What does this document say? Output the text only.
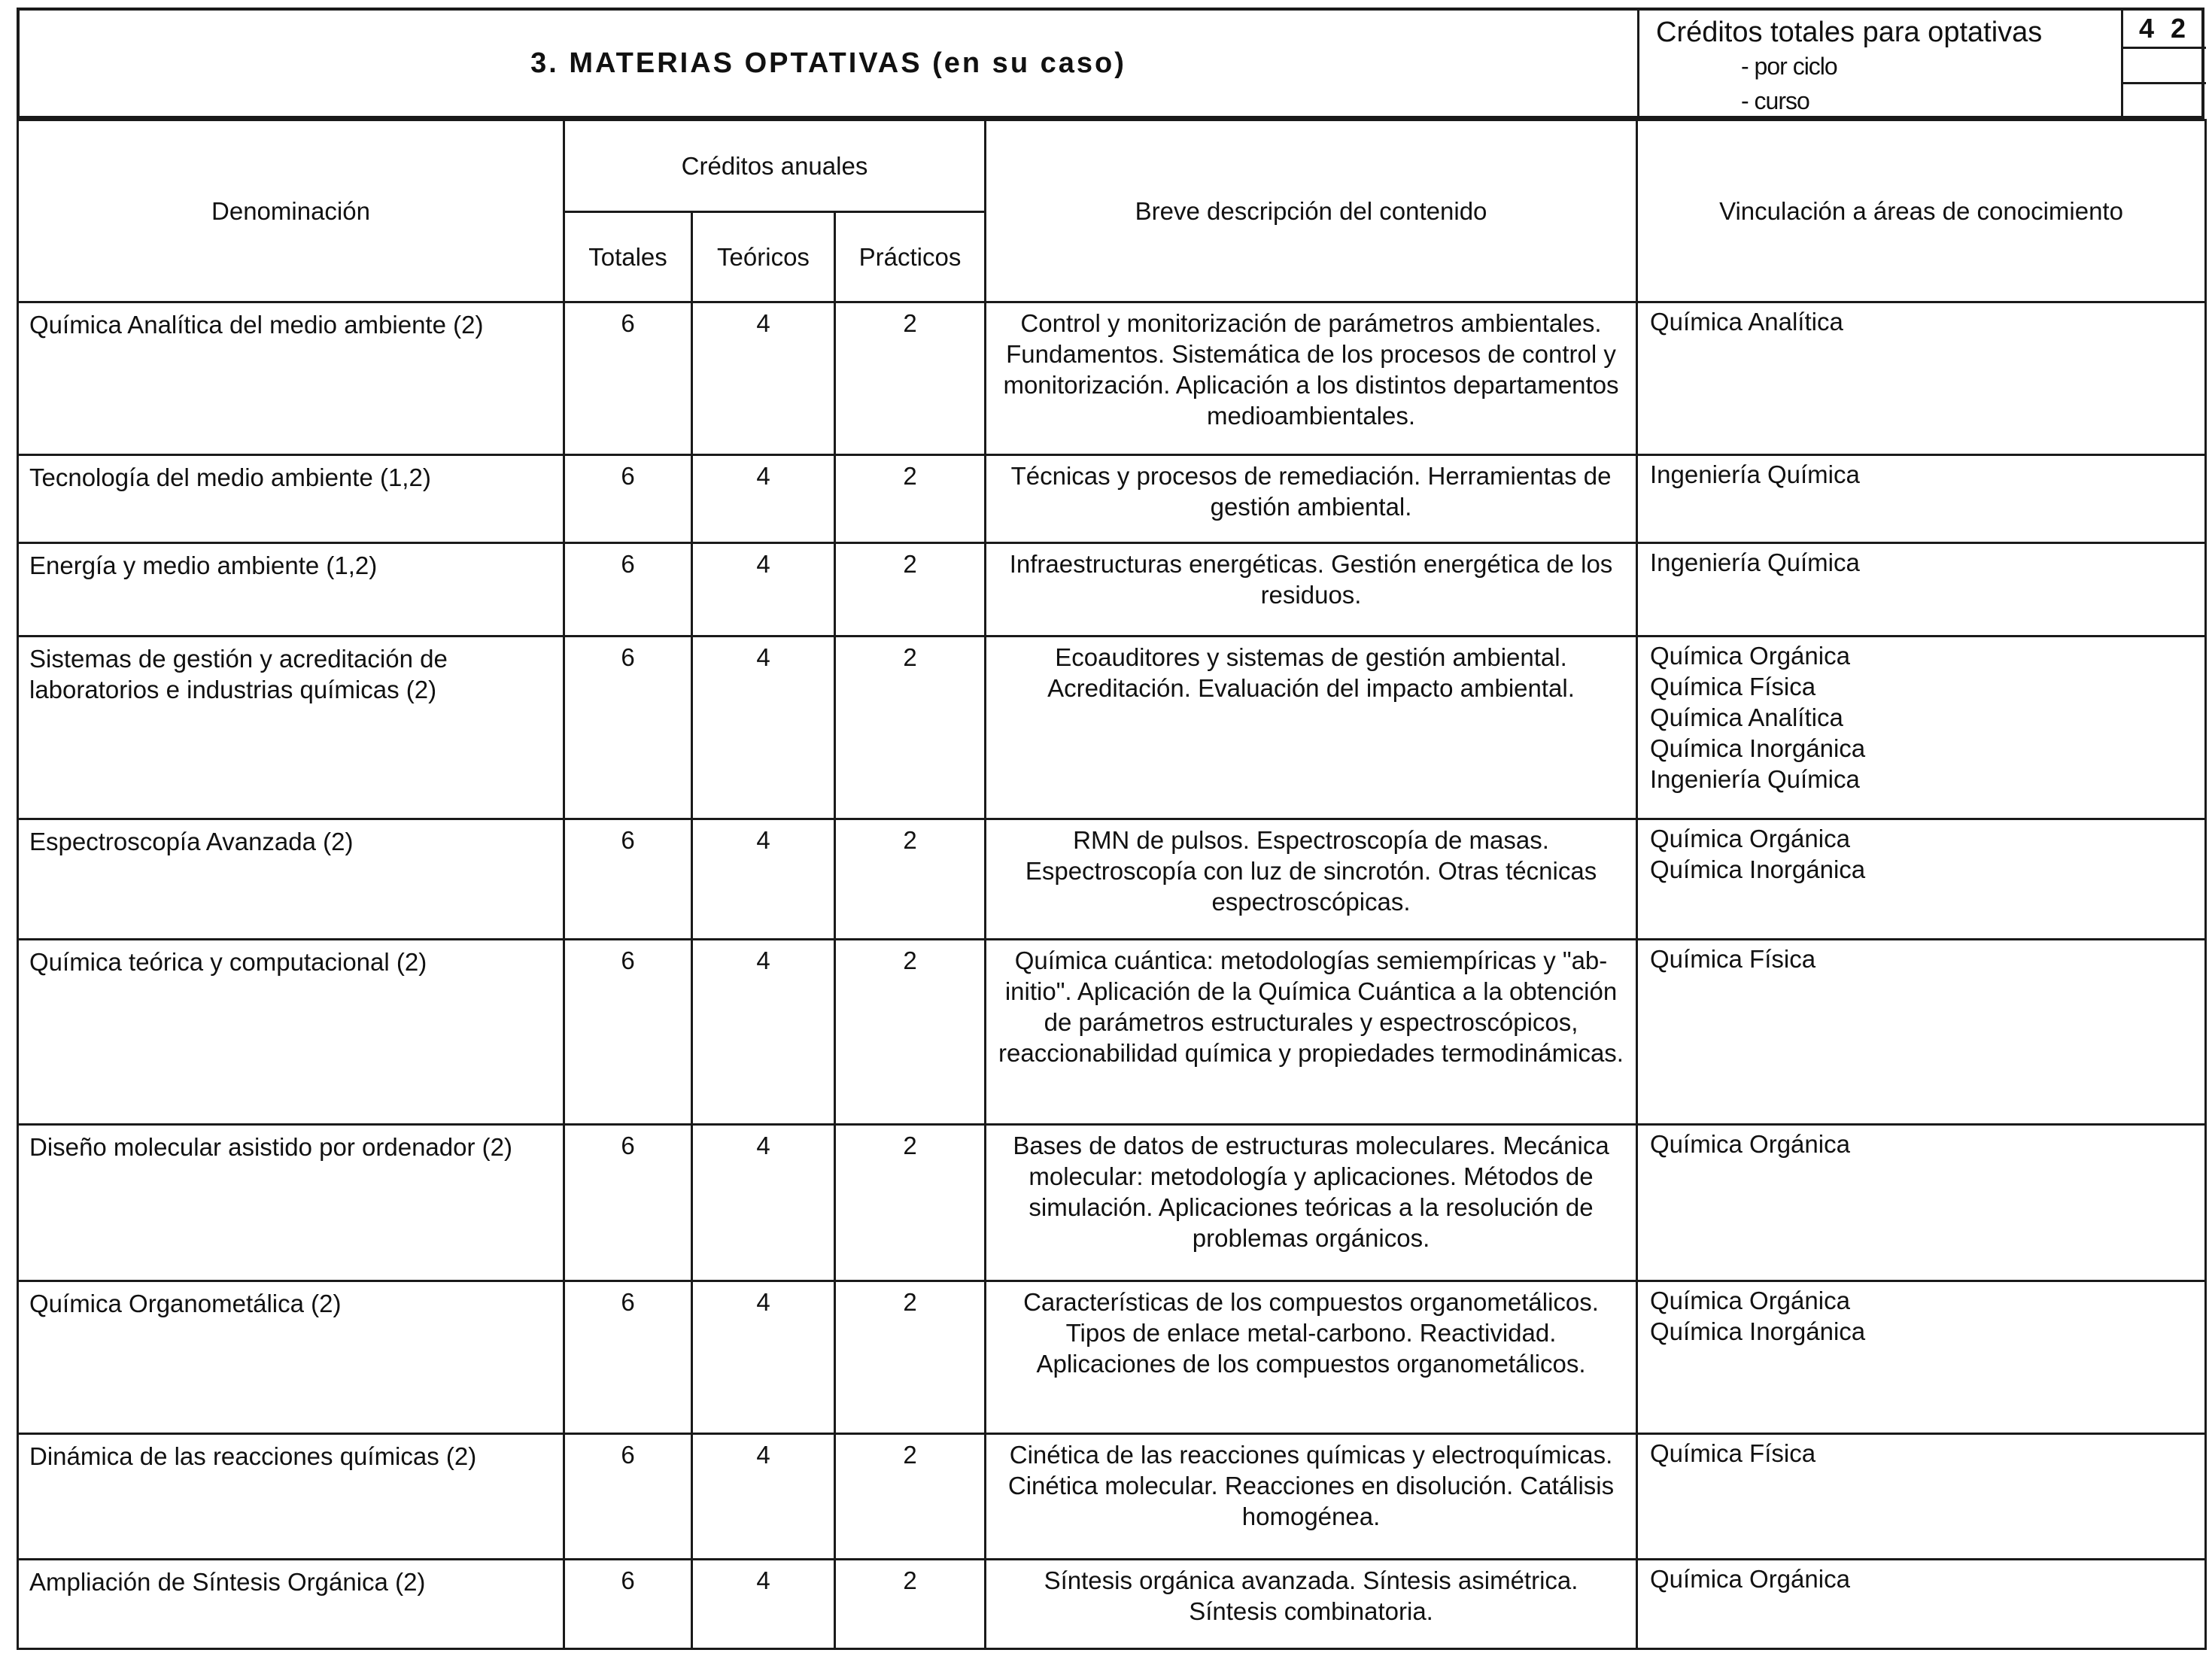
3. MATERIAS OPTATIVAS (en su caso)
Créditos totales para optativas
- por ciclo
- curso
4 2
Denominación	Créditos anuales			Breve descripción del contenido	Vinculación a áreas de conocimiento
	Totales	Teóricos	Prácticos		
Química Analítica del medio ambiente (2)	6	4	2	Control y monitorización de parámetros ambientales. Fundamentos. Sistemática de los procesos de control y monitorización. Aplicación a los distintos departamentos medioambientales.	Química Analítica

Tecnología del medio ambiente (1,2)	6	4	2	Técnicas y procesos de remediación. Herramientas de gestión ambiental.	Ingeniería Química

Energía y medio ambiente (1,2)	6	4	2	Infraestructuras energéticas. Gestión energética de los residuos.	Ingeniería Química

Sistemas de gestión y acreditación de laboratorios e industrias químicas (2)	6	4	2	Ecoauditores y sistemas de gestión ambiental. Acreditación. Evaluación del impacto ambiental.	Química Orgánica
Química Física
Química Analítica
Química Inorgánica
Ingeniería Química

Espectroscopía Avanzada (2)	6	4	2	RMN de pulsos. Espectroscopía de masas. Espectroscopía con luz de sincrotón. Otras técnicas espectroscópicas.	Química Orgánica
Química Inorgánica

Química teórica y computacional (2)	6	4	2	Química cuántica: metodologías semiempíricas y "ab-initio". Aplicación de la Química Cuántica a la obtención de parámetros estructurales y espectroscópicos, reaccionabilidad química y propiedades termodinámicas.	Química Física

Diseño molecular asistido por ordenador (2)	6	4	2	Bases de datos de estructuras moleculares. Mecánica molecular: metodología y aplicaciones. Métodos de simulación. Aplicaciones teóricas a la resolución de problemas orgánicos.	Química Orgánica

Química Organometálica (2)	6	4	2	Características de los compuestos organometálicos. Tipos de enlace metal-carbono. Reactividad. Aplicaciones de los compuestos organometálicos.	Química Orgánica
Química Inorgánica

Dinámica de las reacciones químicas (2)	6	4	2	Cinética de las reacciones químicas y electroquímicas. Cinética molecular. Reacciones en disolución. Catálisis homogénea.	Química Física

Ampliación de Síntesis Orgánica (2)	6	4	2	Síntesis orgánica avanzada. Síntesis asimétrica. Síntesis combinatoria.	Química Orgánica
